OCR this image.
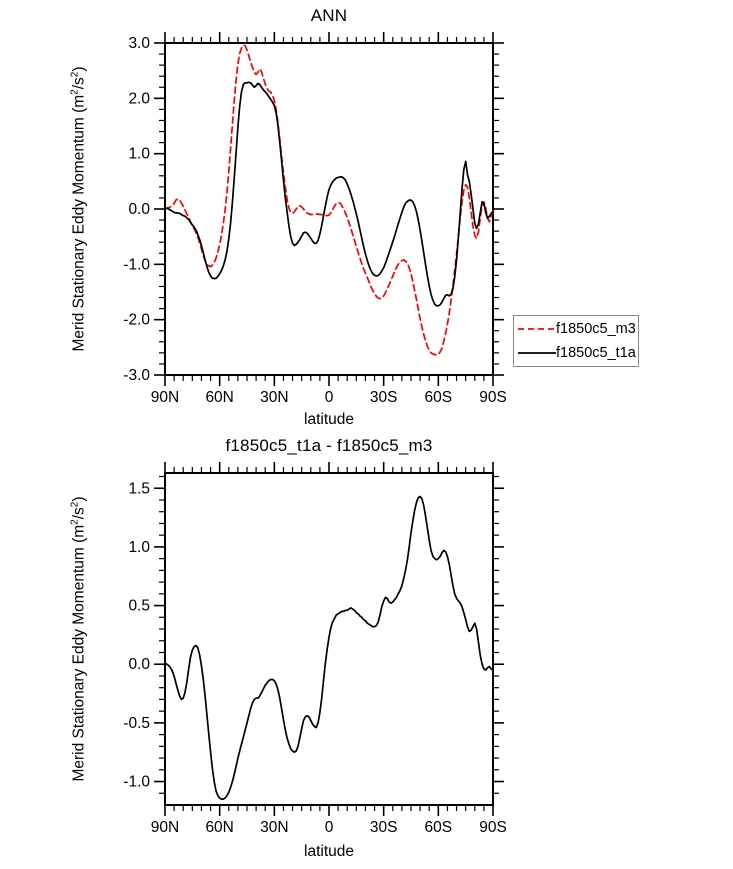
90N 60N 30N 0 30S 60S 90S
3.0
2.0
1.0
0.0
-1.0
-2.0
-3.0
90N 60N 30N 0 30S 60S 90S
1.5
1.0
0.5
0.0
-0.5
-1.0
ANN
Merid Stationary Eddy Momentum $(m^2/s^2)$
latitude
f1850c5_m3
f1850c5_t1a
f1850c5_t1a - f1850c5_m3
Merid Stationary Eddy Momentum $(m^2/s^2)$
latitude
